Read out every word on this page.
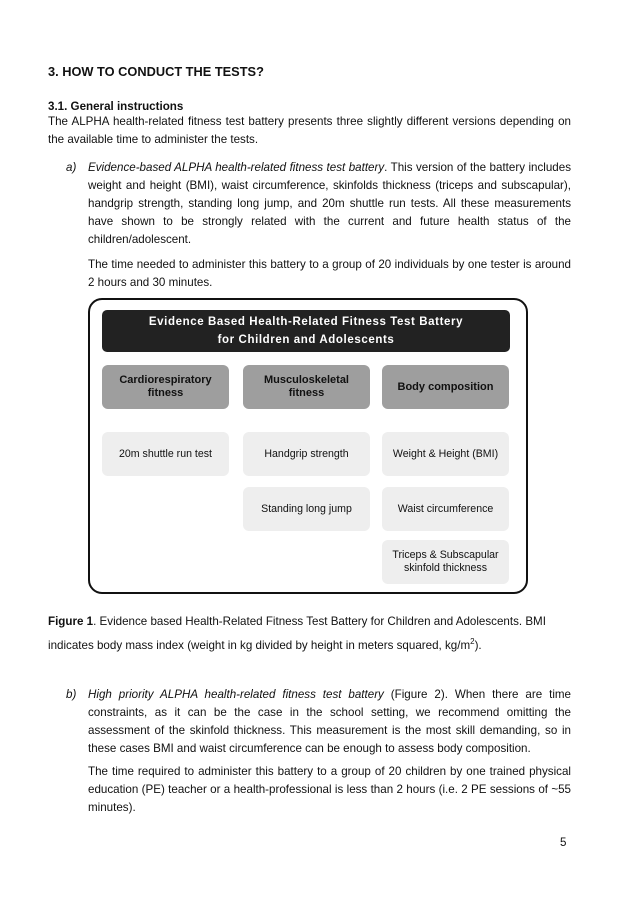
3. HOW TO CONDUCT THE TESTS?
3.1. General instructions
The ALPHA health-related fitness test battery presents three slightly different versions depending on the available time to administer the tests.
a) Evidence-based ALPHA health-related fitness test battery. This version of the battery includes weight and height (BMI), waist circumference, skinfolds thickness (triceps and subscapular), handgrip strength, standing long jump, and 20m shuttle run tests. All these measurements have shown to be strongly related with the current and future health status of the children/adolescent.
The time needed to administer this battery to a group of 20 individuals by one tester is around 2 hours and 30 minutes.
Evidence Based Health-Related Fitness Test Battery
for Children and Adolescents
Cardiorespiratory fitness
Musculoskeletal fitness
Body composition
20m shuttle run test	Handgrip strength
Standing long jump
Weight & Height (BMI)
Waist circumference
Triceps & Subscapular skinfold thickness
Figure 1. Evidence based Health-Related Fitness Test Battery for Children and Adolescents. BMI indicates body mass index (weight in kg divided by height in meters squared, $kg/m^2$).
b) High priority ALPHA health-related fitness test battery (Figure 2). When there are time constraints, as it can be the case in the school setting, we recommend omitting the assessment of the skinfold thickness. This measurement is the most skill demanding, so in these cases BMI and waist circumference can be enough to assess body composition.
The time required to administer this battery to a group of 20 children by one trained physical education (PE) teacher or a health-professional is less than 2 hours (i.e. 2 PE sessions of ~55 minutes).
5
